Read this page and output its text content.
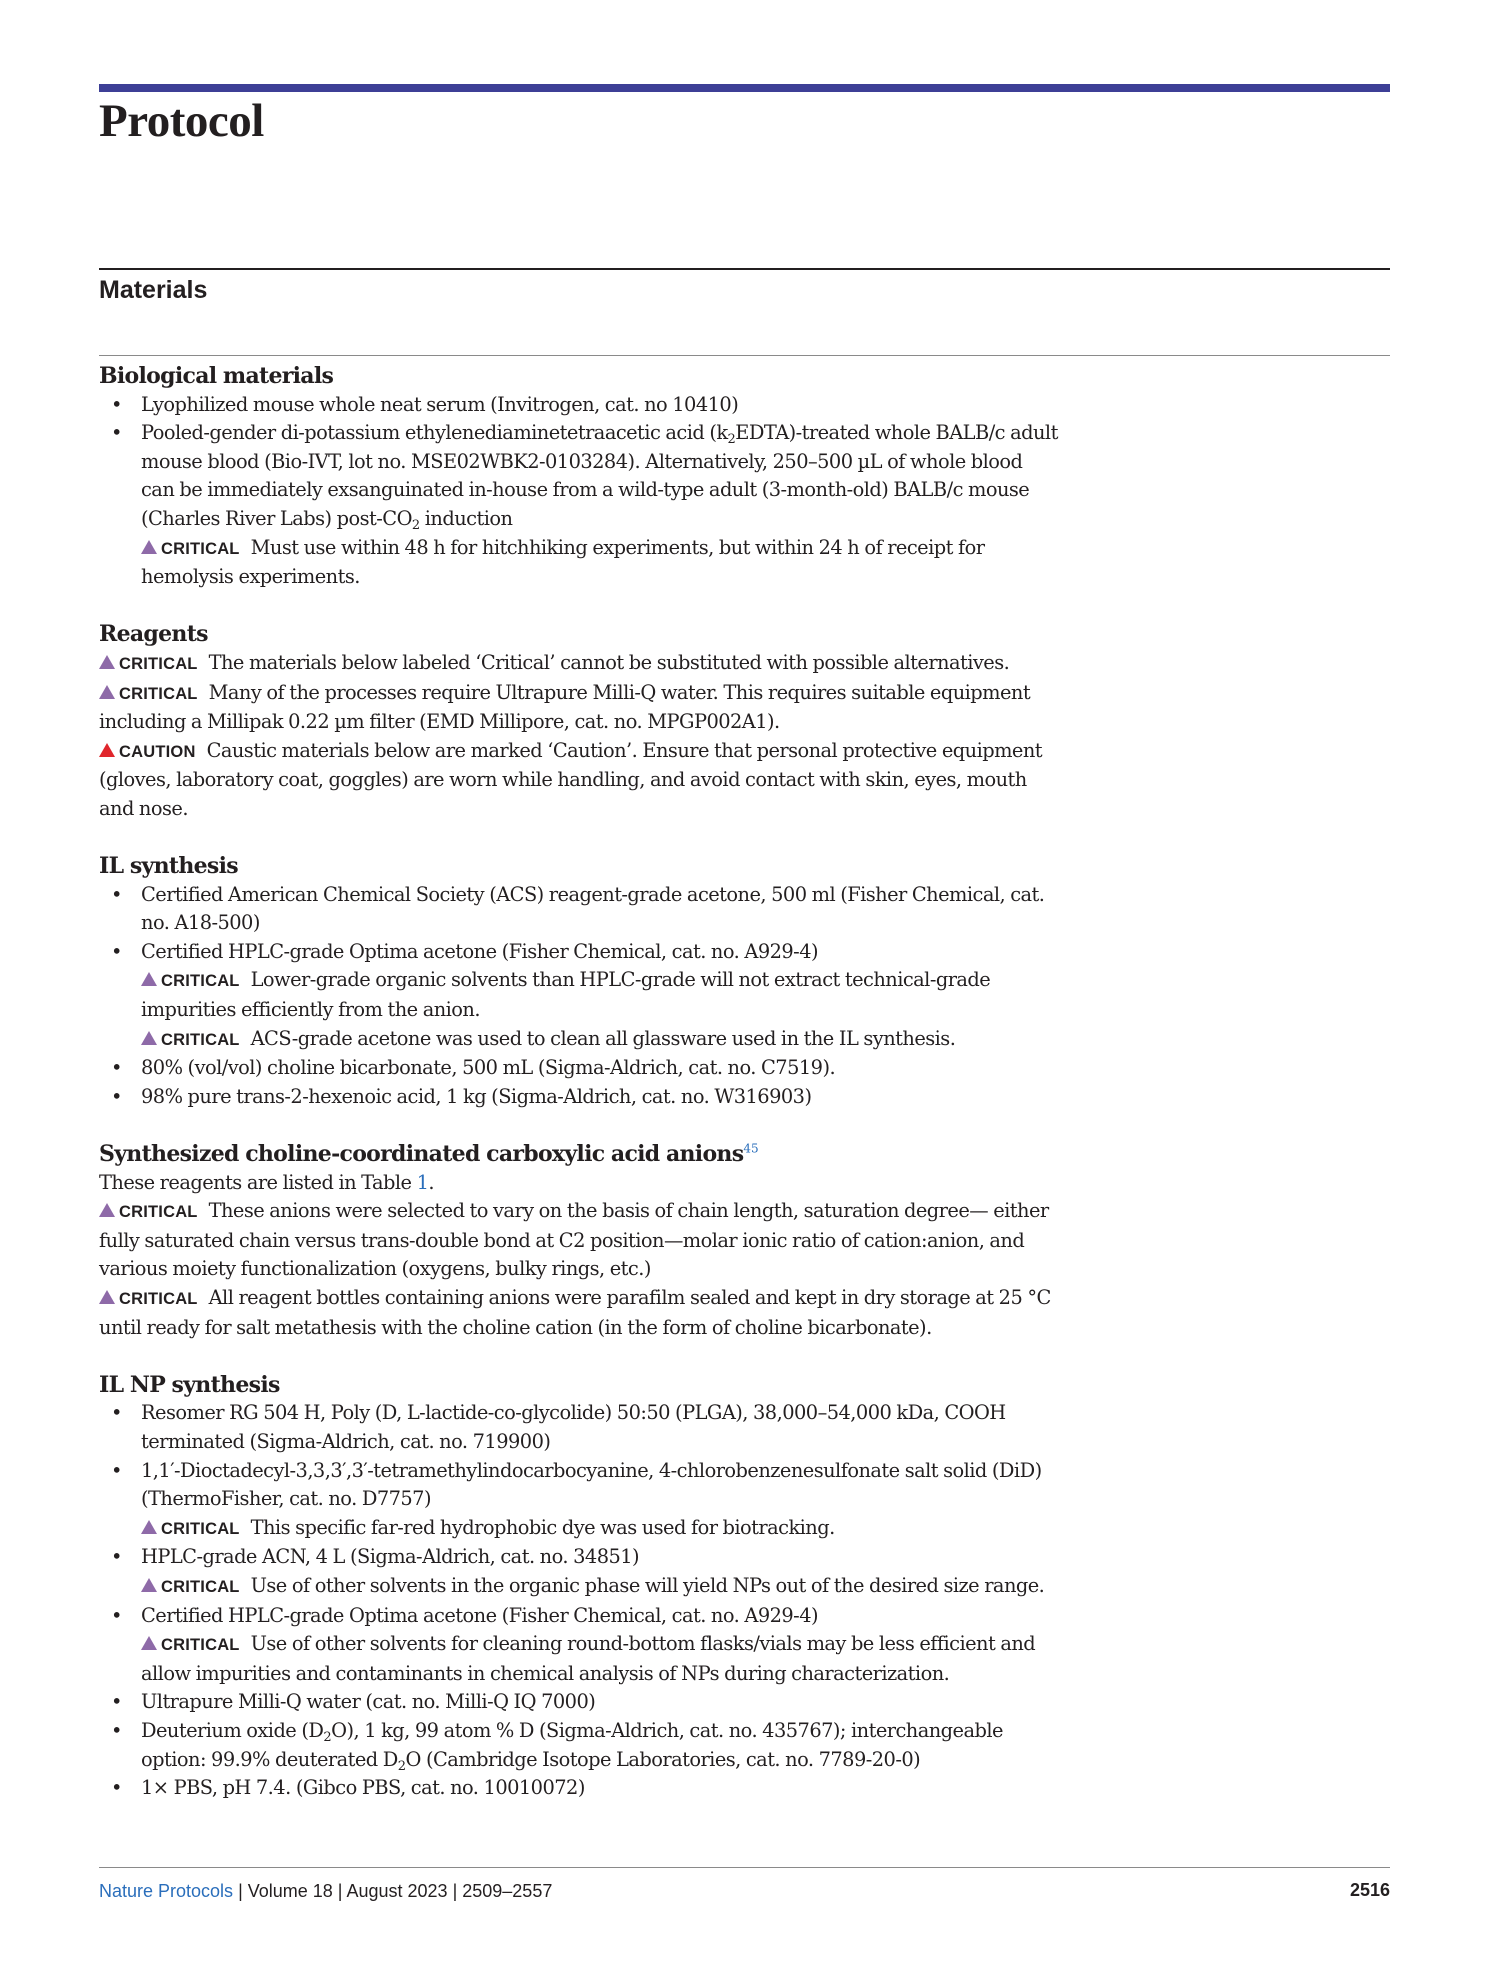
Protocol
Materials
Biological materials
• Lyophilized mouse whole neat serum (Invitrogen, cat. no 10410)
• Pooled-gender di-potassium ethylenediaminetetraacetic acid $(k_2EDTA)$-treated whole BALB/c adult mouse blood (Bio-IVT, lot no. MSE02WBK2-0103284). Alternatively, 250–500 µL of whole blood can be immediately exsanguinated in-house from a wild-type adult (3-month-old) BALB/c mouse (Charles River Labs) post-$CO_2$ induction
CRITICAL Must use within 48 h for hitchhiking experiments, but within 24 h of receipt for hemolysis experiments.
Reagents
CRITICAL The materials below labeled ‘Critical’ cannot be substituted with possible alternatives.
CRITICAL Many of the processes require Ultrapure Milli-Q water. This requires suitable equipment including a Millipak 0.22 µm filter (EMD Millipore, cat. no. MPGP002A1).
CAUTION Caustic materials below are marked ‘Caution’. Ensure that personal protective equipment (gloves, laboratory coat, goggles) are worn while handling, and avoid contact with skin, eyes, mouth and nose.
IL synthesis
• Certified American Chemical Society (ACS) reagent-grade acetone, 500 ml (Fisher Chemical, cat. no. A18-500)
• Certified HPLC-grade Optima acetone (Fisher Chemical, cat. no. A929-4)
CRITICAL Lower-grade organic solvents than HPLC-grade will not extract technical-grade impurities efficiently from the anion.
CRITICAL ACS-grade acetone was used to clean all glassware used in the IL synthesis.
• 80% (vol/vol) choline bicarbonate, 500 mL (Sigma-Aldrich, cat. no. C7519).
• 98% pure trans-2-hexenoic acid, 1 kg (Sigma-Aldrich, cat. no. W316903)
Synthesized choline-coordinated carboxylic acid anions$^{45}$
These reagents are listed in Table 1.
CRITICAL These anions were selected to vary on the basis of chain length, saturation degree— either fully saturated chain versus trans-double bond at C2 position—molar ionic ratio of cation:anion, and various moiety functionalization (oxygens, bulky rings, etc.)
CRITICAL All reagent bottles containing anions were parafilm sealed and kept in dry storage at 25 °C until ready for salt metathesis with the choline cation (in the form of choline bicarbonate).
IL NP synthesis
• Resomer RG 504 H, Poly (D, L-lactide-co-glycolide) 50:50 (PLGA), 38,000–54,000 kDa, COOH terminated (Sigma-Aldrich, cat. no. 719900)
• 1,1′-Dioctadecyl-3,3,3′,3′-tetramethylindocarbocyanine, 4-chlorobenzenesulfonate salt solid (DiD) (ThermoFisher, cat. no. D7757)
CRITICAL This specific far-red hydrophobic dye was used for biotracking.
• HPLC-grade ACN, 4 L (Sigma-Aldrich, cat. no. 34851)
CRITICAL Use of other solvents in the organic phase will yield NPs out of the desired size range.
• Certified HPLC-grade Optima acetone (Fisher Chemical, cat. no. A929-4)
CRITICAL Use of other solvents for cleaning round-bottom flasks/vials may be less efficient and allow impurities and contaminants in chemical analysis of NPs during characterization.
• Ultrapure Milli-Q water (cat. no. Milli-Q IQ 7000)
• Deuterium oxide $(D_2O)$, 1 kg, 99 atom % D (Sigma-Aldrich, cat. no. 435767); interchangeable option: 99.9% deuterated $D_2O$ (Cambridge Isotope Laboratories, cat. no. 7789-20-0)
• 1× PBS, pH 7.4. (Gibco PBS, cat. no. 10010072)
Nature Protocols | Volume 18 | August 2023 | 2509–2557	2516
